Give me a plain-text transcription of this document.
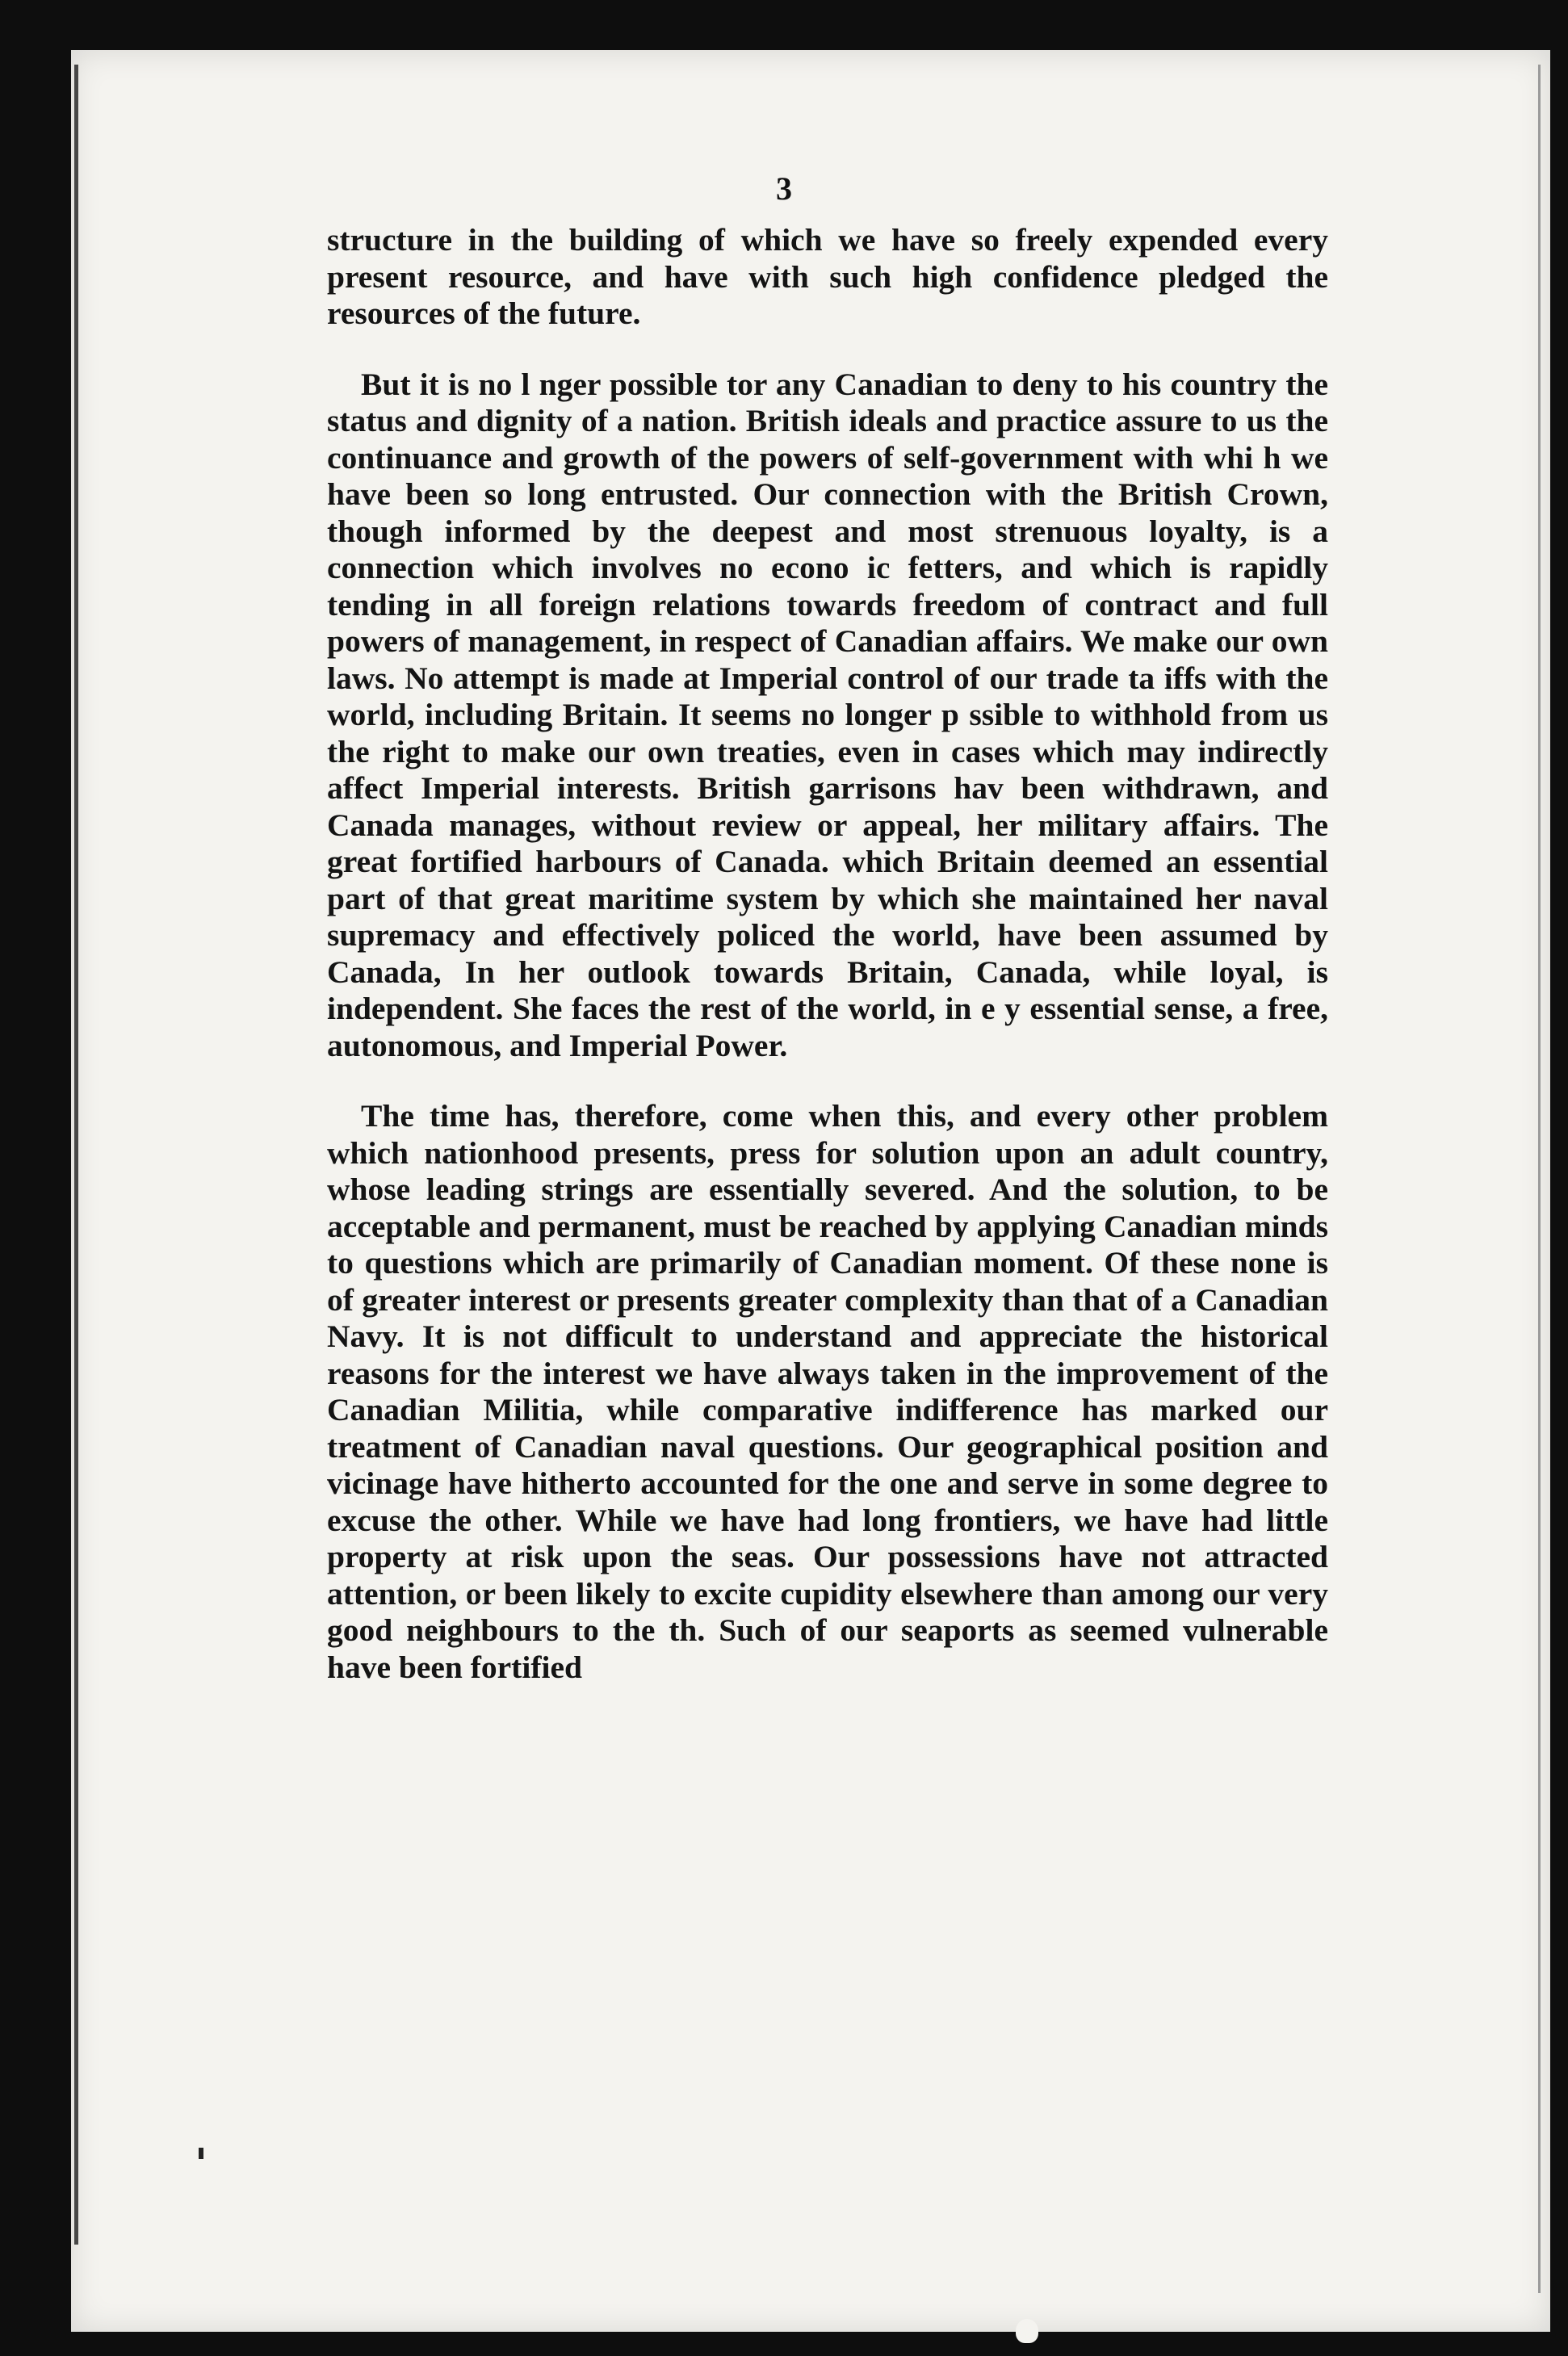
3

structure in the building of which we have so freely expended every present resource, and have with such high confidence pledged the resources of the future.

But it is no l nger possible tor any Canadian to deny to his country the status and dignity of a nation. British ideals and practice assure to us the continuance and growth of the powers of self-government with whi h we have been so long entrusted. Our connection with the British Crown, though informed by the deepest and most strenuous loyalty, is a connection which involves no econo ic fetters, and which is rapidly tending in all foreign relations towards freedom of contract and full powers of management, in respect of Canadian affairs. We make our own laws. No attempt is made at Imperial control of our trade ta iffs with the world, including Britain. It seems no longer p ssible to withhold from us the right to make our own treaties, even in cases which may indirectly affect Imperial interests. British garrisons hav been withdrawn, and Canada manages, without review or appeal, her military affairs. The great fortified harbours of Canada. which Britain deemed an essential part of that great maritime system by which she maintained her naval supremacy and effectively policed the world, have been assumed by Canada, In her outlook towards Britain, Canada, while loyal, is independent. She faces the rest of the world, in e y essential sense, a free, autonomous, and Imperial Power.

The time has, therefore, come when this, and every other problem which nationhood presents, press for solution upon an adult country, whose leading strings are essentially severed. And the solution, to be acceptable and permanent, must be reached by applying Canadian minds to questions which are primarily of Canadian moment. Of these none is of greater interest or presents greater complexity than that of a Canadian Navy. It is not difficult to understand and appreciate the historical reasons for the interest we have always taken in the improvement of the Canadian Militia, while comparative indifference has marked our treatment of Canadian naval questions. Our geographical position and vicinage have hitherto accounted for the one and serve in some degree to excuse the other. While we have had long frontiers, we have had little property at risk upon the seas. Our possessions have not attracted attention, or been likely to excite cupidity elsewhere than among our very good neighbours to the th. Such of our seaports as seemed vulnerable have been fortified
